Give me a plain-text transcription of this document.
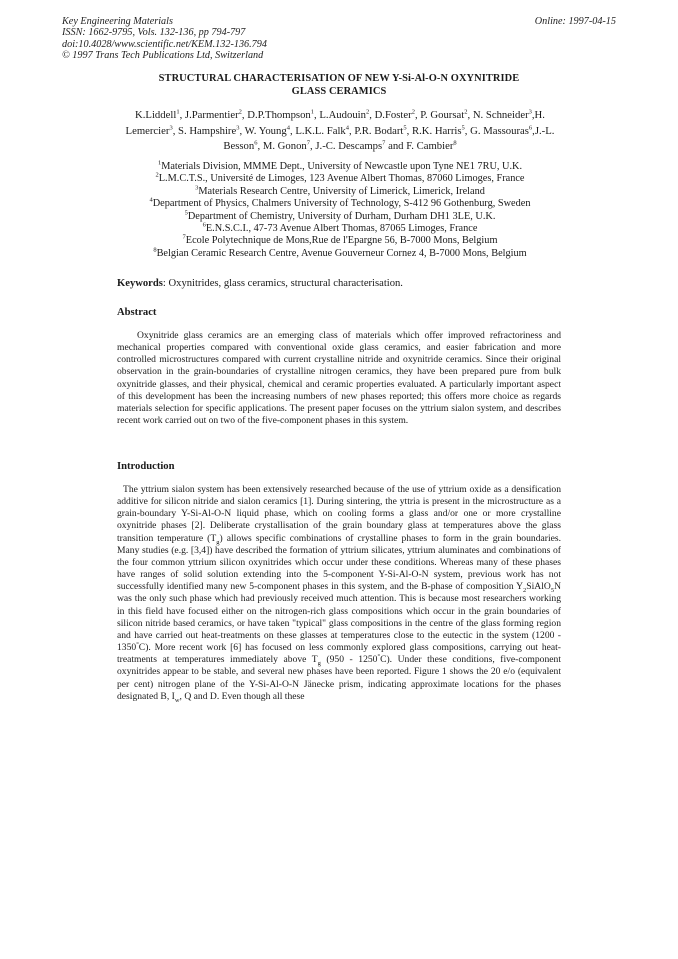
Key Engineering Materials
ISSN: 1662-9795, Vols. 132-136, pp 794-797
doi:10.4028/www.scientific.net/KEM.132-136.794
© 1997 Trans Tech Publications Ltd, Switzerland
Online: 1997-04-15
STRUCTURAL CHARACTERISATION OF NEW Y-Si-Al-O-N OXYNITRIDE
GLASS CERAMICS
K.Liddell$^1$, J.Parmentier$^2$, D.P.Thompson$^1$, L.Audouin$^2$, D.Foster$^2$, P. Goursat$^2$, N. Schneider$^3$,H. Lemercier$^3$, S. Hampshire$^3$, W. Young$^4$, L.K.L. Falk$^4$, P.R. Bodart$^5$, R.K. Harris$^5$, G. Massouras$^6$,J.-L. Besson$^6$, M. Gonon$^7$, J.-C. Descamps$^7$ and F. Cambier$^8$
$^1$Materials Division, MMME Dept., University of Newcastle upon Tyne NE1 7RU, U.K.
$^2$L.M.C.T.S., Université de Limoges, 123 Avenue Albert Thomas, 87060 Limoges, France
$^3$Materials Research Centre, University of Limerick, Limerick, Ireland
$^4$Department of Physics, Chalmers University of Technology, S-412 96 Gothenburg, Sweden
$^5$Department of Chemistry, University of Durham, Durham DH1 3LE, U.K.
$^6$E.N.S.C.I., 47-73 Avenue Albert Thomas, 87065 Limoges, France
$^7$Ecole Polytechnique de Mons,Rue de l'Epargne 56, B-7000 Mons, Belgium
$^8$Belgian Ceramic Research Centre, Avenue Gouverneur Cornez 4, B-7000 Mons, Belgium
Keywords: Oxynitrides, glass ceramics, structural characterisation.
Abstract
Oxynitride glass ceramics are an emerging class of materials which offer improved refractoriness and mechanical properties compared with conventional oxide glass ceramics, and easier fabrication and more controlled microstructures compared with current crystalline nitride and oxynitride ceramics. Since their original observation in the grain-boundaries of crystalline nitrogen ceramics, they have been prepared pure from bulk oxynitride glasses, and their physical, chemical and ceramic properties evaluated. A particularly important aspect of this development has been the increasing numbers of new phases reported; this offers more choice as regards materials selection for specific applications. The present paper focuses on the yttrium sialon system, and describes recent work carried out on two of the five-component phases in this system.
Introduction
The yttrium sialon system has been extensively researched because of the use of yttrium oxide as a densification additive for silicon nitride and sialon ceramics [1]. During sintering, the yttria is present in the microstructure as a grain-boundary Y-Si-Al-O-N liquid phase, which on cooling forms a glass and/or one or more crystalline oxynitride phases [2]. Deliberate crystallisation of the grain boundary glass at temperatures above the glass transition temperature $(T_g)$ allows specific combinations of crystalline phases to form in the grain boundaries. Many studies (e.g. [3,4]) have described the formation of yttrium silicates, yttrium aluminates and combinations of the four common yttrium silicon oxynitrides which occur under these conditions. Whereas many of these phases have ranges of solid solution extending into the 5-component Y-Si-Al-O-N system, previous work has not successfully identified many new 5-component phases in this system, and the B-phase of composition $Y_2SiAlO_5N$ was the only such phase which had previously received much attention. This is because most researchers working in this field have focused either on the nitrogen-rich glass compositions which occur in the grain boundaries of silicon nitride based ceramics, or have taken "typical" glass compositions in the centre of the glass forming region and have carried out heat-treatments on these glasses at temperatures close to the eutectic in the system (1200 - 1350°C). More recent work [6] has focused on less commonly explored glass compositions, carrying out heat-treatments at temperatures immediately above $T_g$ (950 - 1250°C). Under these conditions, five-component oxynitrides appear to be stable, and several new phases have been reported. Figure 1 shows the 20 e/o (equivalent per cent) nitrogen plane of the Y-Si-Al-O-N Jänecke prism, indicating approximate locations for the phases designated B, $I_w$, Q and D. Even though all these
